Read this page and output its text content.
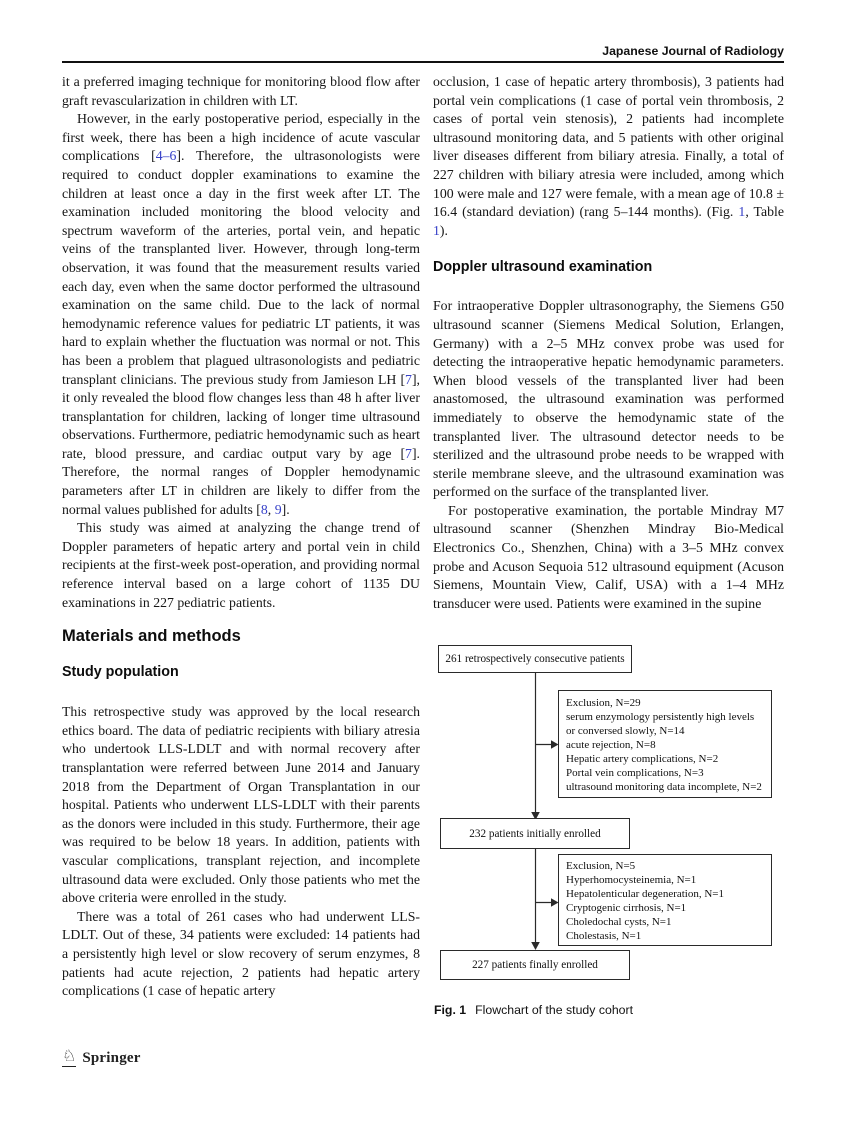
Japanese Journal of Radiology

it a preferred imaging technique for monitoring blood flow after graft revascularization in children with LT.

However, in the early postoperative period, especially in the first week, there has been a high incidence of acute vascular complications [4–6]. Therefore, the ultrasonologists were required to conduct doppler examinations to examine the children at least once a day in the first week after LT. The examination included monitoring the blood velocity and spectrum waveform of the arteries, portal vein, and hepatic veins of the transplanted liver. However, through long-term observation, it was found that the measurement results varied each day, even when the same doctor performed the ultrasound examination on the same child. Due to the lack of normal hemodynamic reference values for pediatric LT patients, it was hard to explain whether the fluctuation was normal or not. This has been a problem that plagued ultrasonologists and pediatric transplant clinicians. The previous study from Jamieson LH [7], it only revealed the blood flow changes less than 48 h after liver transplantation for children, lacking of longer time ultrasound observations. Furthermore, pediatric hemodynamic such as heart rate, blood pressure, and cardiac output vary by age [7]. Therefore, the normal ranges of Doppler hemodynamic parameters after LT in children are likely to differ from the normal values published for adults [8, 9].

This study was aimed at analyzing the change trend of Doppler parameters of hepatic artery and portal vein in child recipients at the first-week post-operation, and providing normal reference interval based on a large cohort of 1135 DU examinations in 227 pediatric patients.

Materials and methods
Study population

This retrospective study was approved by the local research ethics board. The data of pediatric recipients with biliary atresia who undertook LLS-LDLT and with normal recovery after transplantation were referred between June 2014 and January 2018 from the Department of Organ Transplantation in our hospital. Patients who underwent LLS-LDLT with their parents as the donors were included in this study. Furthermore, their age was required to be below 18 years. In addition, patients with vascular complications, transplant rejection, and incomplete ultrasound data were excluded. Only those patients who met the above criteria were enrolled in the study.

There was a total of 261 cases who had underwent LLS-LDLT. Out of these, 34 patients were excluded: 14 patients had a persistently high level or slow recovery of serum enzymes, 8 patients had acute rejection, 2 patients had hepatic artery complications (1 case of hepatic artery

occlusion, 1 case of hepatic artery thrombosis), 3 patients had portal vein complications (1 case of portal vein thrombosis, 2 cases of portal vein stenosis), 2 patients had incomplete ultrasound monitoring data, and 5 patients with other original liver diseases different from biliary atresia. Finally, a total of 227 children with biliary atresia were included, among which 100 were male and 127 were female, with a mean age of 10.8 ± 16.4 (standard deviation) (rang 5–144 months). (Fig. 1, Table 1).

Doppler ultrasound examination

For intraoperative Doppler ultrasonography, the Siemens G50 ultrasound scanner (Siemens Medical Solution, Erlangen, Germany) with a 2–5 MHz convex probe was used for detecting the intraoperative hepatic hemodynamic parameters. When blood vessels of the transplanted liver had been anastomosed, the ultrasound examination was performed immediately to observe the hemodynamic state of the transplanted liver. The ultrasound detector needs to be sterilized and the ultrasound probe needs to be wrapped with sterile membrane sleeve, and the ultrasound examination was performed on the surface of the transplanted liver.

For postoperative examination, the portable Mindray M7 ultrasound scanner (Shenzhen Mindray Bio-Medical Electronics Co., Shenzhen, China) with a 3–5 MHz convex probe and Acuson Sequoia 512 ultrasound equipment (Acuson Siemens, Mountain View, Calif, USA) with a 1–4 MHz transducer were used. Patients were examined in the supine

261 retrospectively consecutive patients
Exclusion, N=29
serum enzymology persistently high levels
or conversed slowly, N=14
acute rejection, N=8
Hepatic artery complications, N=2
Portal vein complications, N=3
ultrasound monitoring data incomplete, N=2
232 patients initially enrolled
Exclusion, N=5
Hyperhomocysteinemia, N=1
Hepatolenticular degeneration, N=1
Cryptogenic cirrhosis, N=1
Choledochal cysts, N=1
Cholestasis, N=1
227 patients finally enrolled
Fig. 1 Flowchart of the study cohort
♘ Springer
